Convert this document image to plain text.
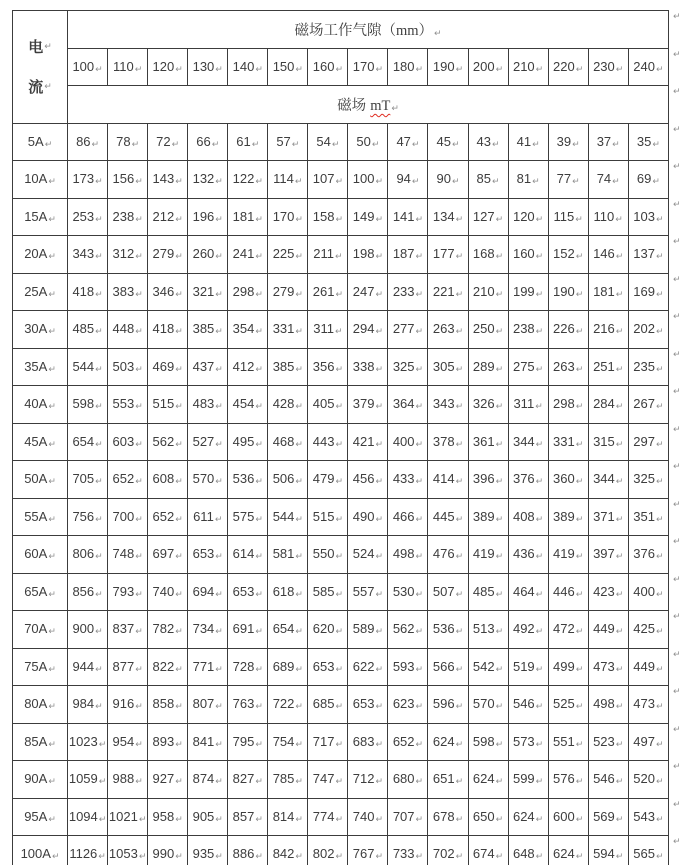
电 ↵
流 ↵	磁场工作气隙（mm）↵														
	100↵	110↵	120↵	130↵	140↵	150↵	160↵	170↵	180↵	190↵	200↵	210↵	220↵	230↵	240↵
	磁场 mT↵														
5A↵	86↵	78↵	72↵	66↵	61↵	57↵	54↵	50↵	47↵	45↵	43↵	41↵	39↵	37↵	35↵
10A↵	173↵	156↵	143↵	132↵	122↵	114↵	107↵	100↵	94↵	90↵	85↵	81↵	77↵	74↵	69↵
15A↵	253↵	238↵	212↵	196↵	181↵	170↵	158↵	149↵	141↵	134↵	127↵	120↵	115↵	110↵	103↵
20A↵	343↵	312↵	279↵	260↵	241↵	225↵	211↵	198↵	187↵	177↵	168↵	160↵	152↵	146↵	137↵
25A↵	418↵	383↵	346↵	321↵	298↵	279↵	261↵	247↵	233↵	221↵	210↵	199↵	190↵	181↵	169↵
30A↵	485↵	448↵	418↵	385↵	354↵	331↵	311↵	294↵	277↵	263↵	250↵	238↵	226↵	216↵	202↵
35A↵	544↵	503↵	469↵	437↵	412↵	385↵	356↵	338↵	325↵	305↵	289↵	275↵	263↵	251↵	235↵
40A↵	598↵	553↵	515↵	483↵	454↵	428↵	405↵	379↵	364↵	343↵	326↵	311↵	298↵	284↵	267↵
45A↵	654↵	603↵	562↵	527↵	495↵	468↵	443↵	421↵	400↵	378↵	361↵	344↵	331↵	315↵	297↵
50A↵	705↵	652↵	608↵	570↵	536↵	506↵	479↵	456↵	433↵	414↵	396↵	376↵	360↵	344↵	325↵
55A↵	756↵	700↵	652↵	611↵	575↵	544↵	515↵	490↵	466↵	445↵	389↵	408↵	389↵	371↵	351↵
60A↵	806↵	748↵	697↵	653↵	614↵	581↵	550↵	524↵	498↵	476↵	419↵	436↵	419↵	397↵	376↵
65A↵	856↵	793↵	740↵	694↵	653↵	618↵	585↵	557↵	530↵	507↵	485↵	464↵	446↵	423↵	400↵
70A↵	900↵	837↵	782↵	734↵	691↵	654↵	620↵	589↵	562↵	536↵	513↵	492↵	472↵	449↵	425↵
75A↵	944↵	877↵	822↵	771↵	728↵	689↵	653↵	622↵	593↵	566↵	542↵	519↵	499↵	473↵	449↵
80A↵	984↵	916↵	858↵	807↵	763↵	722↵	685↵	653↵	623↵	596↵	570↵	546↵	525↵	498↵	473↵
85A↵	1023↵	954↵	893↵	841↵	795↵	754↵	717↵	683↵	652↵	624↵	598↵	573↵	551↵	523↵	497↵
90A↵	1059↵	988↵	927↵	874↵	827↵	785↵	747↵	712↵	680↵	651↵	624↵	599↵	576↵	546↵	520↵
95A↵	1094↵	1021↵	958↵	905↵	857↵	814↵	774↵	740↵	707↵	678↵	650↵	624↵	600↵	569↵	543↵
100A↵	1126↵	1053↵	990↵	935↵	886↵	842↵	802↵	767↵	733↵	702↵	674↵	648↵	624↵	594↵	565↵
↵
↵
↵
↵
↵
↵
↵
↵
↵
↵
↵
↵
↵
↵
↵
↵
↵
↵
↵
↵
↵
↵
↵
